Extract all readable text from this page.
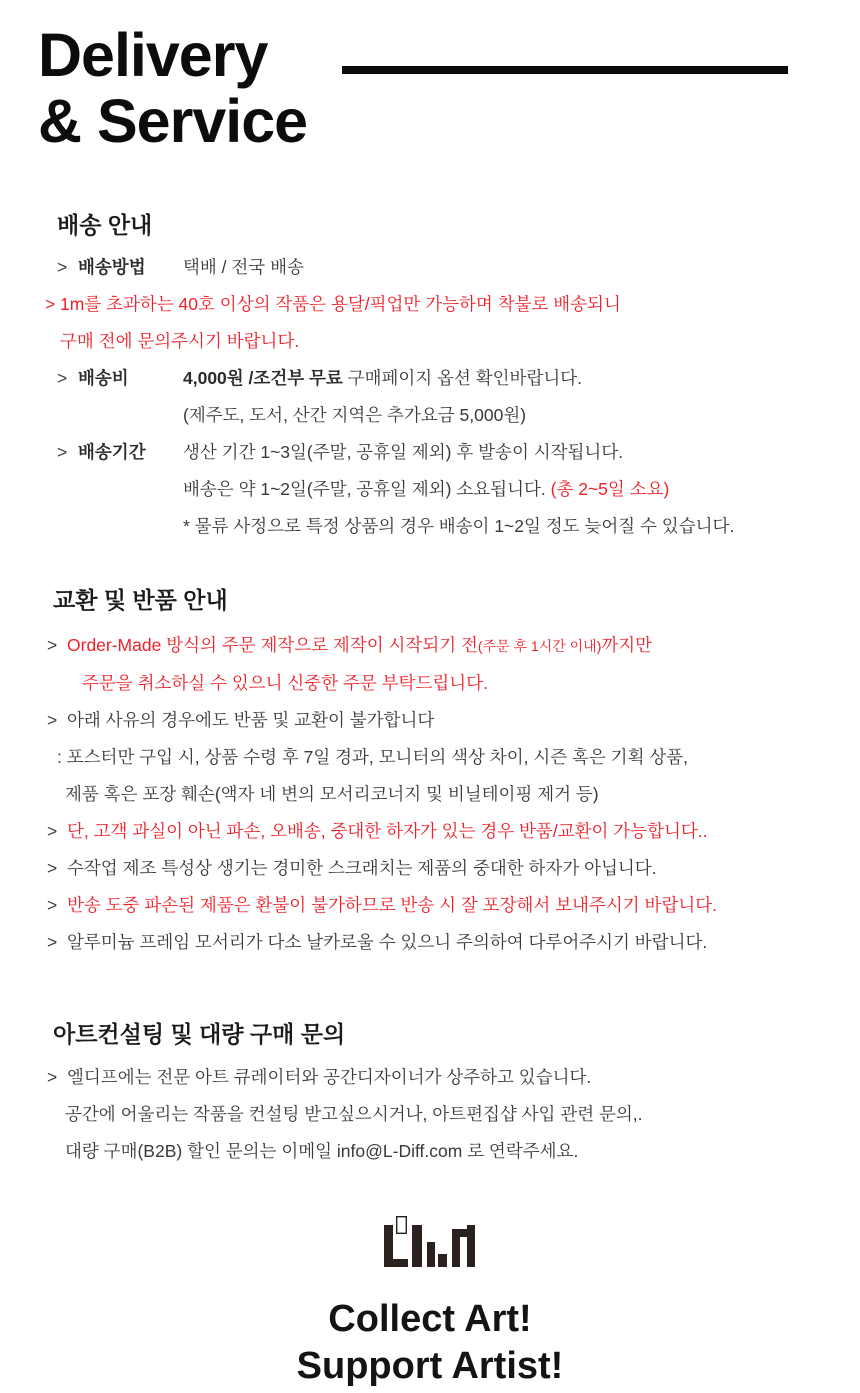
Delivery
& Service
배송 안내
> 배송방법	택배 / 전국 배송
> 1m를 초과하는 40호 이상의 작품은 용달/픽업만 가능하며 착불로 배송되니
구매 전에 문의주시기 바랍니다.
> 배송비	4,000원 /조건부 무료 구매페이지 옵션 확인바랍니다.
(제주도, 도서, 산간 지역은 추가요금 5,000원)
> 배송기간	생산 기간 1~3일(주말, 공휴일 제외) 후 발송이 시작됩니다.
배송은 약 1~2일(주말, 공휴일 제외) 소요됩니다. (총 2~5일 소요)
* 물류 사정으로 특정 상품의 경우 배송이 1~2일 정도 늦어질 수 있습니다.
교환 및 반품 안내
> Order-Made 방식의 주문 제작으로 제작이 시작되기 전(주문 후 1시간 이내)까지만
주문을 취소하실 수 있으니 신중한 주문 부탁드립니다.
> 아래 사유의 경우에도 반품 및 교환이 불가합니다
: 포스터만 구입 시, 상품 수령 후 7일 경과, 모니터의 색상 차이, 시즌 혹은 기획 상품,
제품 혹은 포장 훼손(액자 네 변의 모서리코너지 및 비닐테이핑 제거 등)
> 단, 고객 과실이 아닌 파손, 오배송, 중대한 하자가 있는 경우 반품/교환이 가능합니다..
> 수작업 제조 특성상 생기는 경미한 스크래치는 제품의 중대한 하자가 아닙니다.
> 반송 도중 파손된 제품은 환불이 불가하므로 반송 시 잘 포장해서 보내주시기 바랍니다.
> 알루미늄 프레임 모서리가 다소 날카로울 수 있으니 주의하여 다루어주시기 바랍니다.
아트컨설팅 및 대량 구매 문의
> 엘디프에는 전문 아트 큐레이터와 공간디자이너가 상주하고 있습니다.
공간에 어울리는 작품을 컨설팅 받고싶으시거나, 아트편집샵 사입 관련 문의,.
대량 구매(B2B) 할인 문의는 이메일 info@L-Diff.com 로 연락주세요.
Collect Art!
Support Artist!
